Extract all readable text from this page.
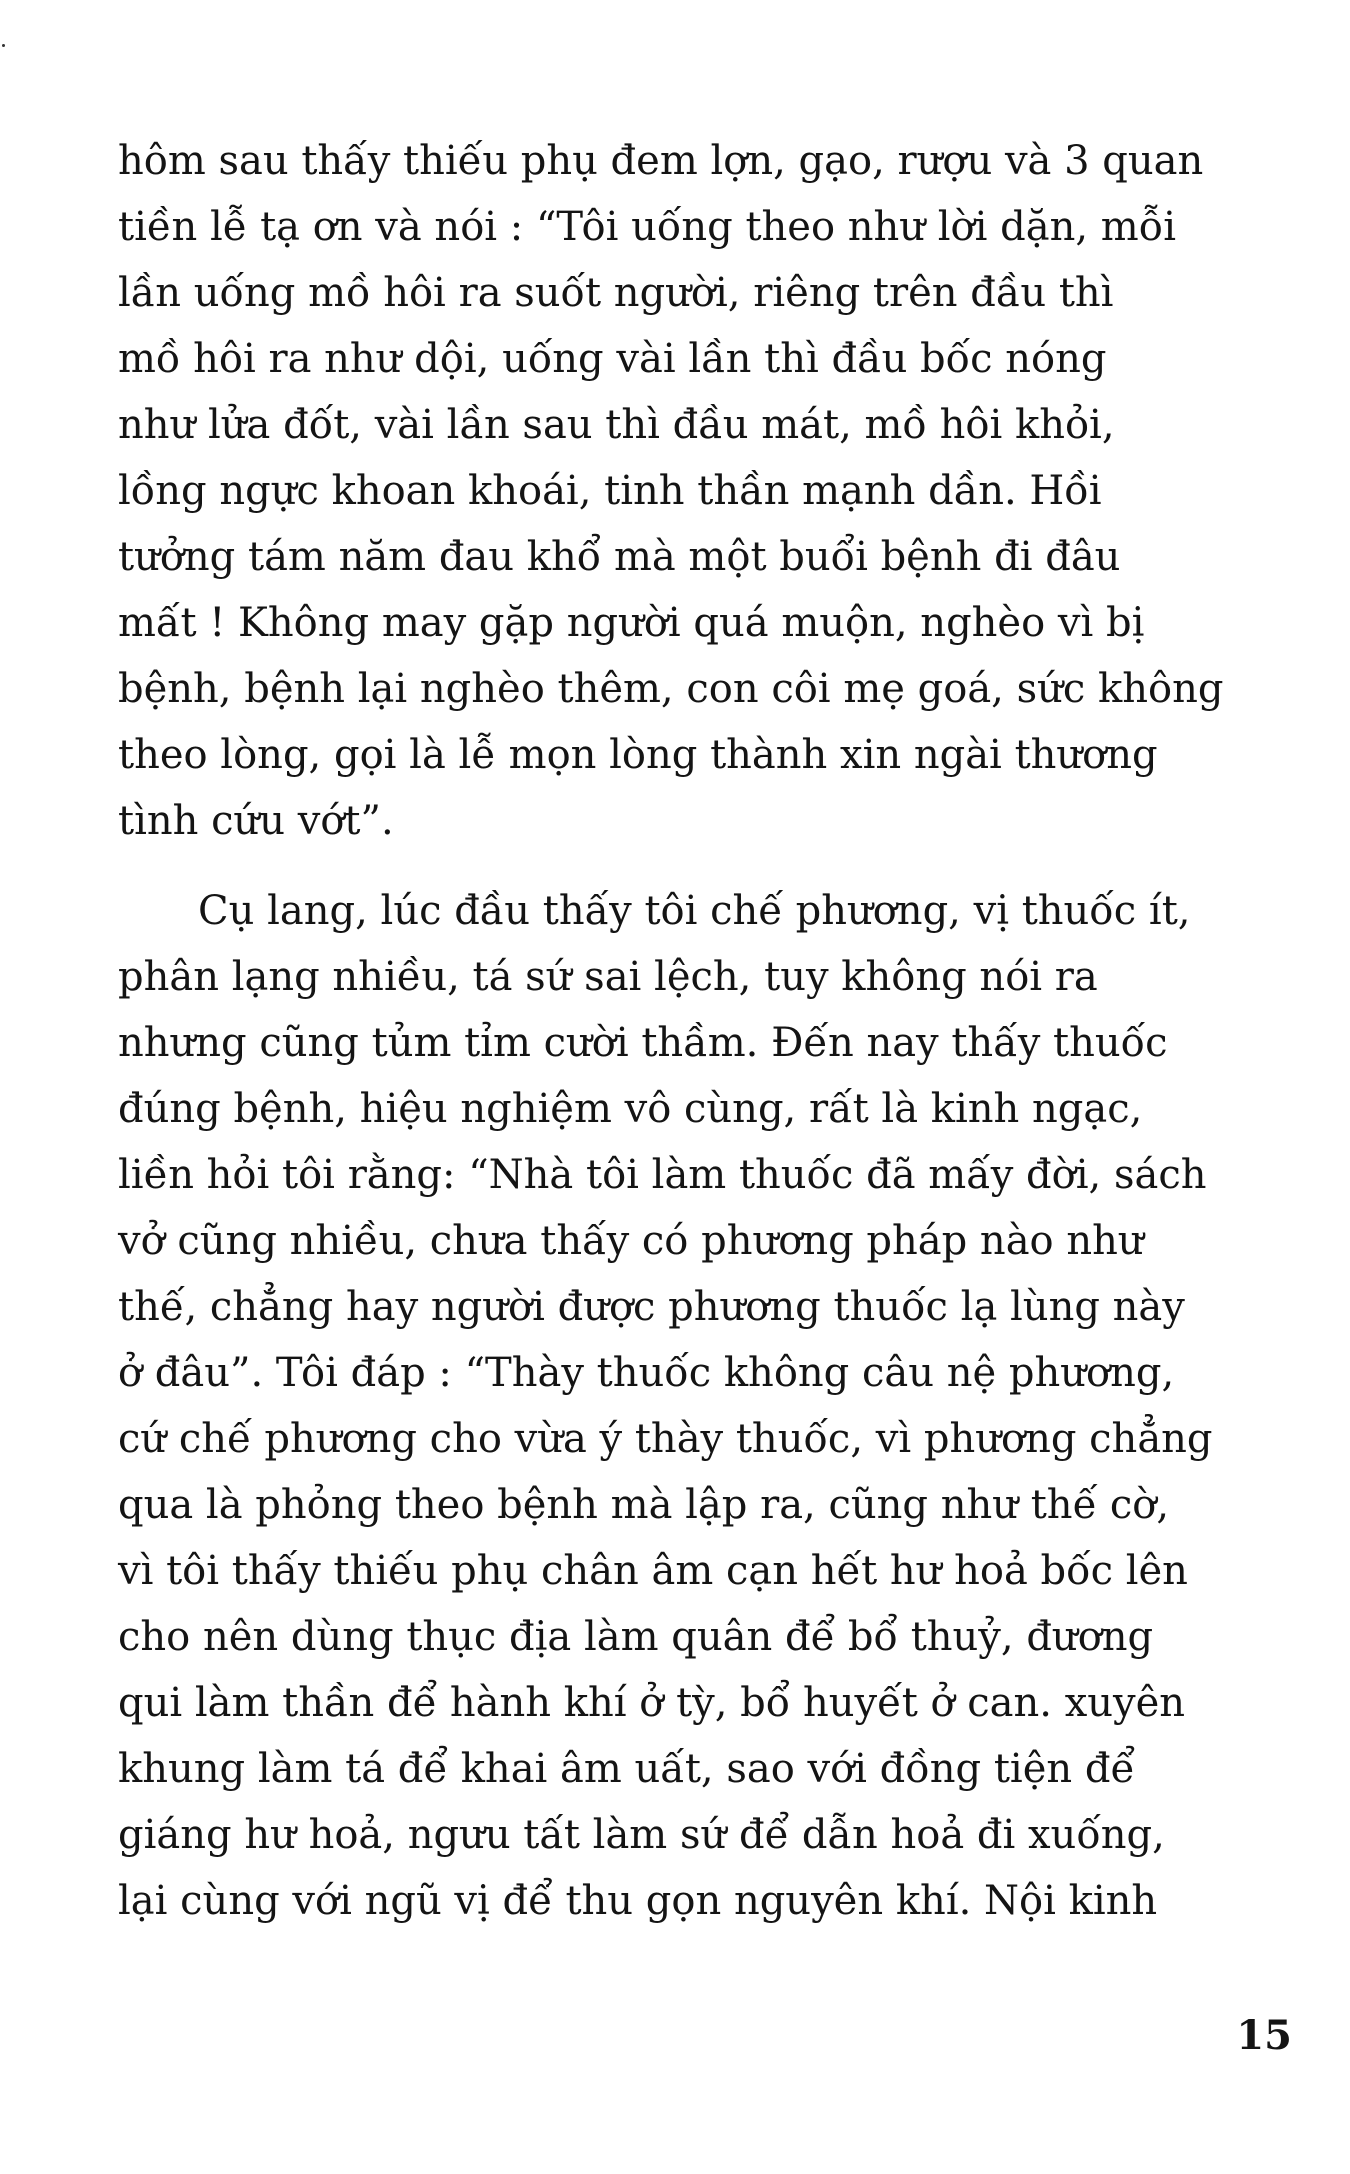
hôm sau thấy thiếu phụ đem lợn, gạo, rượu và 3 quan
tiền lễ tạ ơn và nói : “Tôi uống theo như lời dặn, mỗi
lần uống mồ hôi ra suốt người, riêng trên đầu thì
mồ hôi ra như dội, uống vài lần thì đầu bốc nóng
như lửa đốt, vài lần sau thì đầu mát, mồ hôi khỏi,
lồng ngực khoan khoái, tinh thần mạnh dần. Hồi
tưởng tám năm đau khổ mà một buổi bệnh đi đâu
mất ! Không may gặp người quá muộn, nghèo vì bị
bệnh, bệnh lại nghèo thêm, con côi mẹ goá, sức không
theo lòng, gọi là lễ mọn lòng thành xin ngài thương
tình cứu vớt”.
Cụ lang, lúc đầu thấy tôi chế phương, vị thuốc ít,
phân lạng nhiều, tá sứ sai lệch, tuy không nói ra
nhưng cũng tủm tỉm cười thầm. Đến nay thấy thuốc
đúng bệnh, hiệu nghiệm vô cùng, rất là kinh ngạc,
liền hỏi tôi rằng: “Nhà tôi làm thuốc đã mấy đời, sách
vở cũng nhiều, chưa thấy có phương pháp nào như
thế, chẳng hay người được phương thuốc lạ lùng này
ở đâu”. Tôi đáp : “Thày thuốc không câu nệ phương,
cứ chế phương cho vừa ý thày thuốc, vì phương chẳng
qua là phỏng theo bệnh mà lập ra, cũng như thế cờ,
vì tôi thấy thiếu phụ chân âm cạn hết hư hoả bốc lên
cho nên dùng thục địa làm quân để bổ thuỷ, đương
qui làm thần để hành khí ở tỳ, bổ huyết ở can. xuyên
khung làm tá để khai âm uất, sao với đồng tiện để
giáng hư hoả, ngưu tất làm sứ để dẫn hoả đi xuống,
lại cùng với ngũ vị để thu gọn nguyên khí. Nội kinh
15
